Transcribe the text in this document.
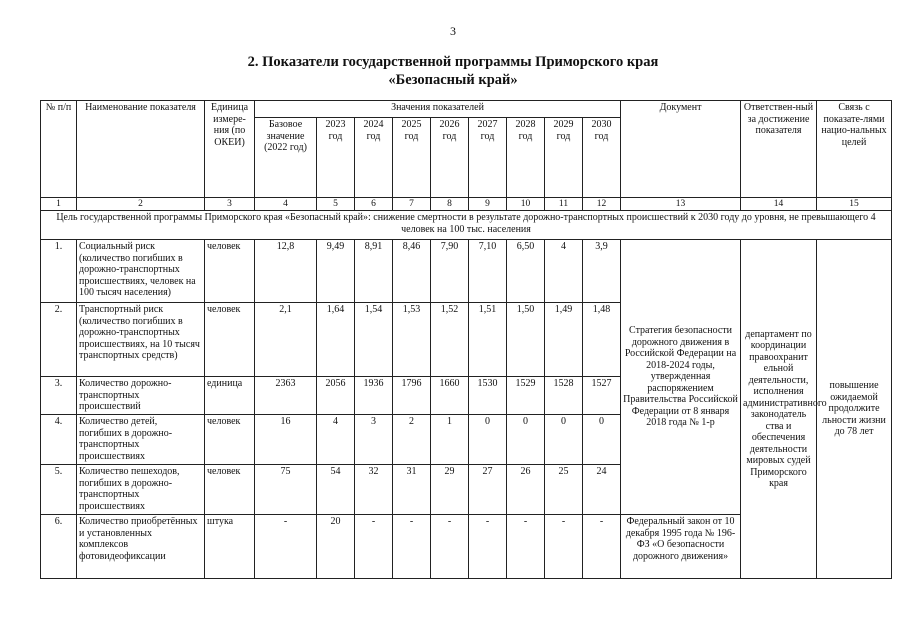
3
2. Показатели государственной программы Приморского края
«Безопасный край»
№ п/п	Наименование показателя	Единица измере-ния (по ОКЕИ)	Значения показателей									Документ	Ответствен-ный за достижение показателя	Связь с показате-лями нацио-нальных целей
			Базовое значение (2022 год)	2023 год	2024 год	2025 год	2026 год	2027 год	2028 год	2029 год	2030 год			
1	2	3	4	5	6	7	8	9	10	11	12	13	14	15
Цель государственной программы Приморского края «Безопасный край»: снижение смертности в результате дорожно-транспортных происшествий к 2030 году до уровня, не превышающего 4 человек на 100 тыс. населения														
1.	Социальный риск (количество погибших в дорожно-транспортных происшествиях, человек на 100 тысяч населения)	человек	12,8	9,49	8,91	8,46	7,90	7,10	6,50	4	3,9	Стратегия безопасности дорожного движения в Российской Федерации на 2018-2024 годы, утвержденная распоряжением Правительства Российской Федерации от 8 января 2018 года № 1-р	департамент по координации правоохранит ельной деятельности, исполнения административного законодатель ства и обеспечения деятельности мировых судей Приморского края	повышение ожидаемой продолжите льности жизни до 78 лет
2.	Транспортный риск (количество погибших в дорожно-транспортных происшествиях, на 10 тысяч транспортных средств)	человек	2,1	1,64	1,54	1,53	1,52	1,51	1,50	1,49	1,48			
3.	Количество дорожно-транспортных происшествий	единица	2363	2056	1936	1796	1660	1530	1529	1528	1527			
4.	Количество детей, погибших в дорожно-транспортных происшествиях	человек	16	4	3	2	1	0	0	0	0			
5.	Количество пешеходов, погибших в дорожно-транспортных происшествиях	человек	75	54	32	31	29	27	26	25	24			
6.	Количество приобретённых и установленных комплексов фотовидеофиксации	штука	-	20	-	-	-	-	-	-	-	Федеральный закон от 10 декабря 1995 года № 196-ФЗ «О безопасности дорожного движения»		
